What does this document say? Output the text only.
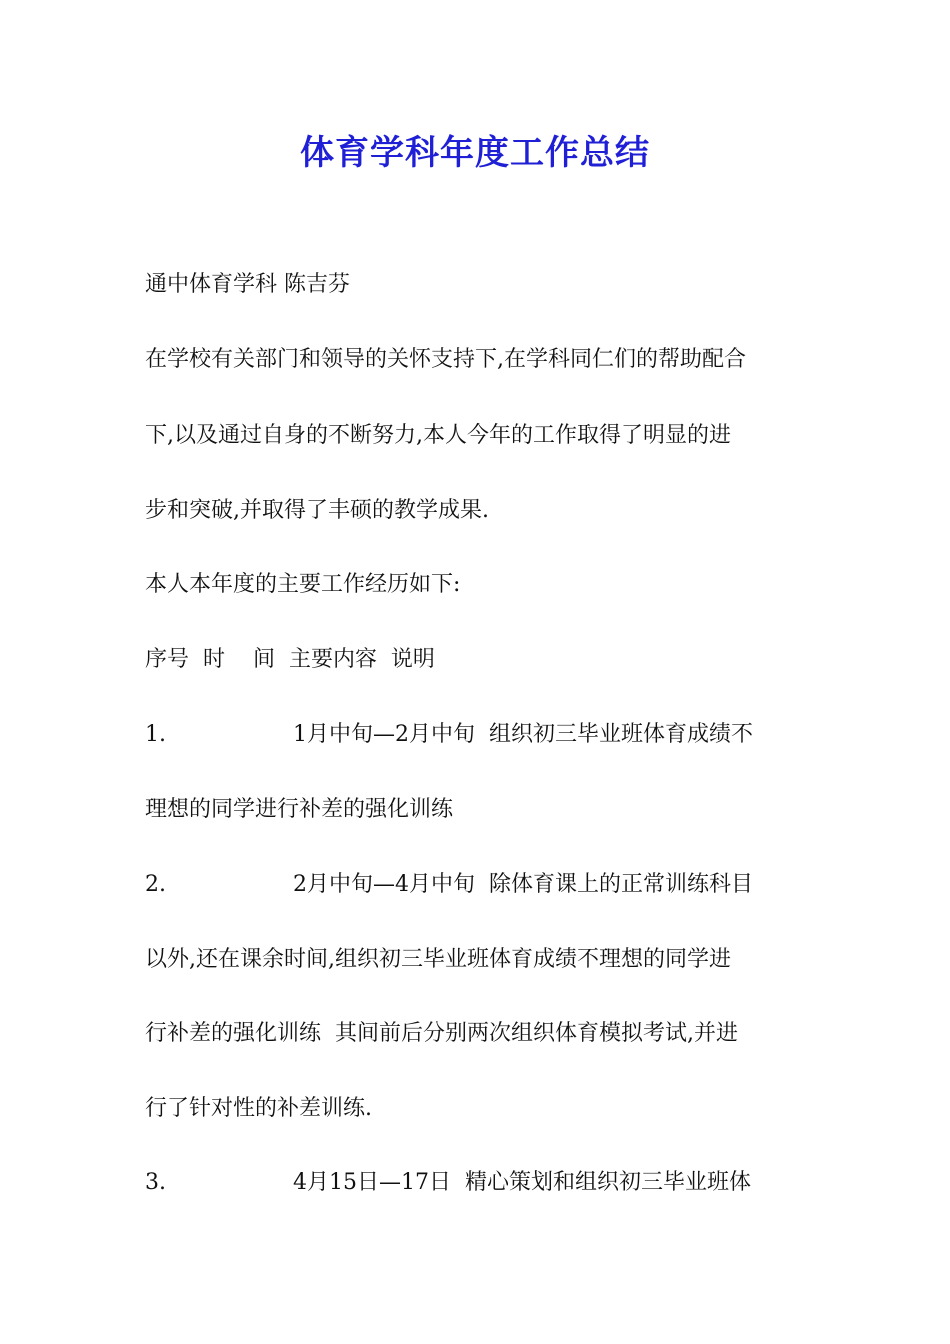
体育学科年度工作总结
通中体育学科 陈吉芬
在学校有关部门和领导的关怀支持下,在学科同仁们的帮助配合
下,以及通过自身的不断努力,本人今年的工作取得了明显的进
步和突破,并取得了丰硕的教学成果.
本人本年度的主要工作经历如下:
序号  时    间  主要内容  说明
1.	1月中旬—2月中旬  组织初三毕业班体育成绩不
理想的同学进行补差的强化训练
2.	2月中旬—4月中旬  除体育课上的正常训练科目
以外,还在课余时间,组织初三毕业班体育成绩不理想的同学进
行补差的强化训练  其间前后分别两次组织体育模拟考试,并进
行了针对性的补差训练.
3.	4月15日—17日  精心策划和组织初三毕业班体
